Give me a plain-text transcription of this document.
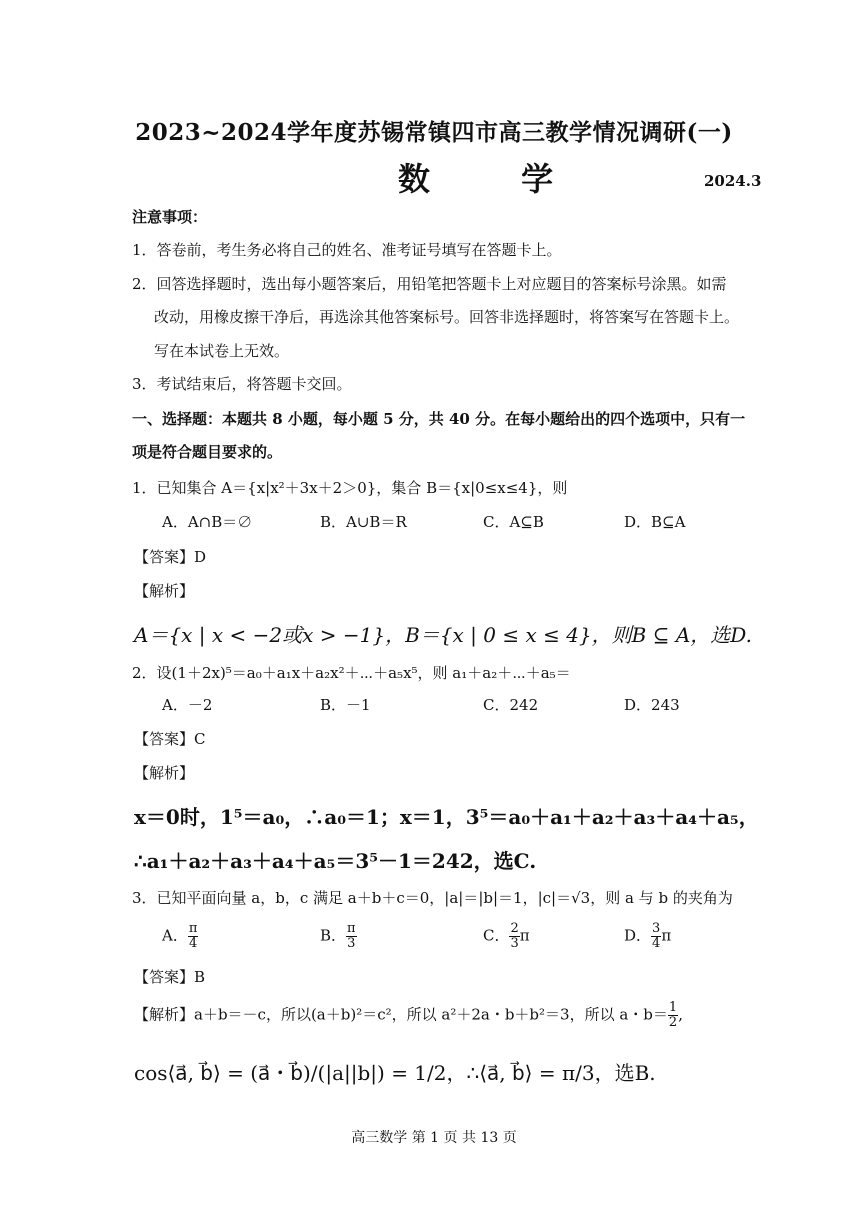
2023~2024学年度苏锡常镇四市高三教学情况调研(一)
数 学	2024.3
注意事项：
1．答卷前，考生务必将自己的姓名、准考证号填写在答题卡上。
2．回答选择题时，选出每小题答案后，用铅笔把答题卡上对应题目的答案标号涂黑。如需
改动，用橡皮擦干净后，再选涂其他答案标号。回答非选择题时，将答案写在答题卡上。
写在本试卷上无效。
3．考试结束后，将答题卡交回。
一、选择题：本题共 8 小题，每小题 5 分，共 40 分。在每小题给出的四个选项中，只有一
项是符合题目要求的。
1．已知集合 A＝{x|x²＋3x＋2＞0}，集合 B＝{x|0≤x≤4}，则
A．A∩B＝∅	B．A∪B＝R	C．A⊆B	D．B⊆A
【答案】D
【解析】
A＝{x | x < −2或x > −1}，B＝{x | 0 ≤ x ≤ 4}，则B ⊆ A，选D.
2．设(1＋2x)⁵＝a₀＋a₁x＋a₂x²＋⋯＋a₅x⁵，则 a₁＋a₂＋⋯＋a₅＝
A．－2	B．－1	C．242	D．243
【答案】C
【解析】
x＝0时，1⁵＝a₀，∴a₀＝1；x＝1，3⁵＝a₀＋a₁＋a₂＋a₃＋a₄＋a₅，
∴a₁＋a₂＋a₃＋a₄＋a₅＝3⁵－1＝242，选C.
3．已知平面向量 a，b，c 满足 a＋b＋c＝0，|a|＝|b|＝1，|c|＝√3，则 a 与 b 的夹角为
A． $\frac{\pi}{4}$	B． $\frac{\pi}{3}$	C． $\frac{2}{3}$ π	D． $\frac{3}{4}$ π
【答案】B
【解析】a＋b＝－c，所以(a＋b)²＝c²，所以 a²＋2a・b＋b²＝3，所以 a・$b= \frac{1}{2}$ ,
cos⟨a⃗, b⃗⟩ = (a⃗・b⃗)/(|a||b|) = 1/2，∴⟨a⃗, b⃗⟩ = π/3，选B.
高三数学 第 1 页 共 13 页
